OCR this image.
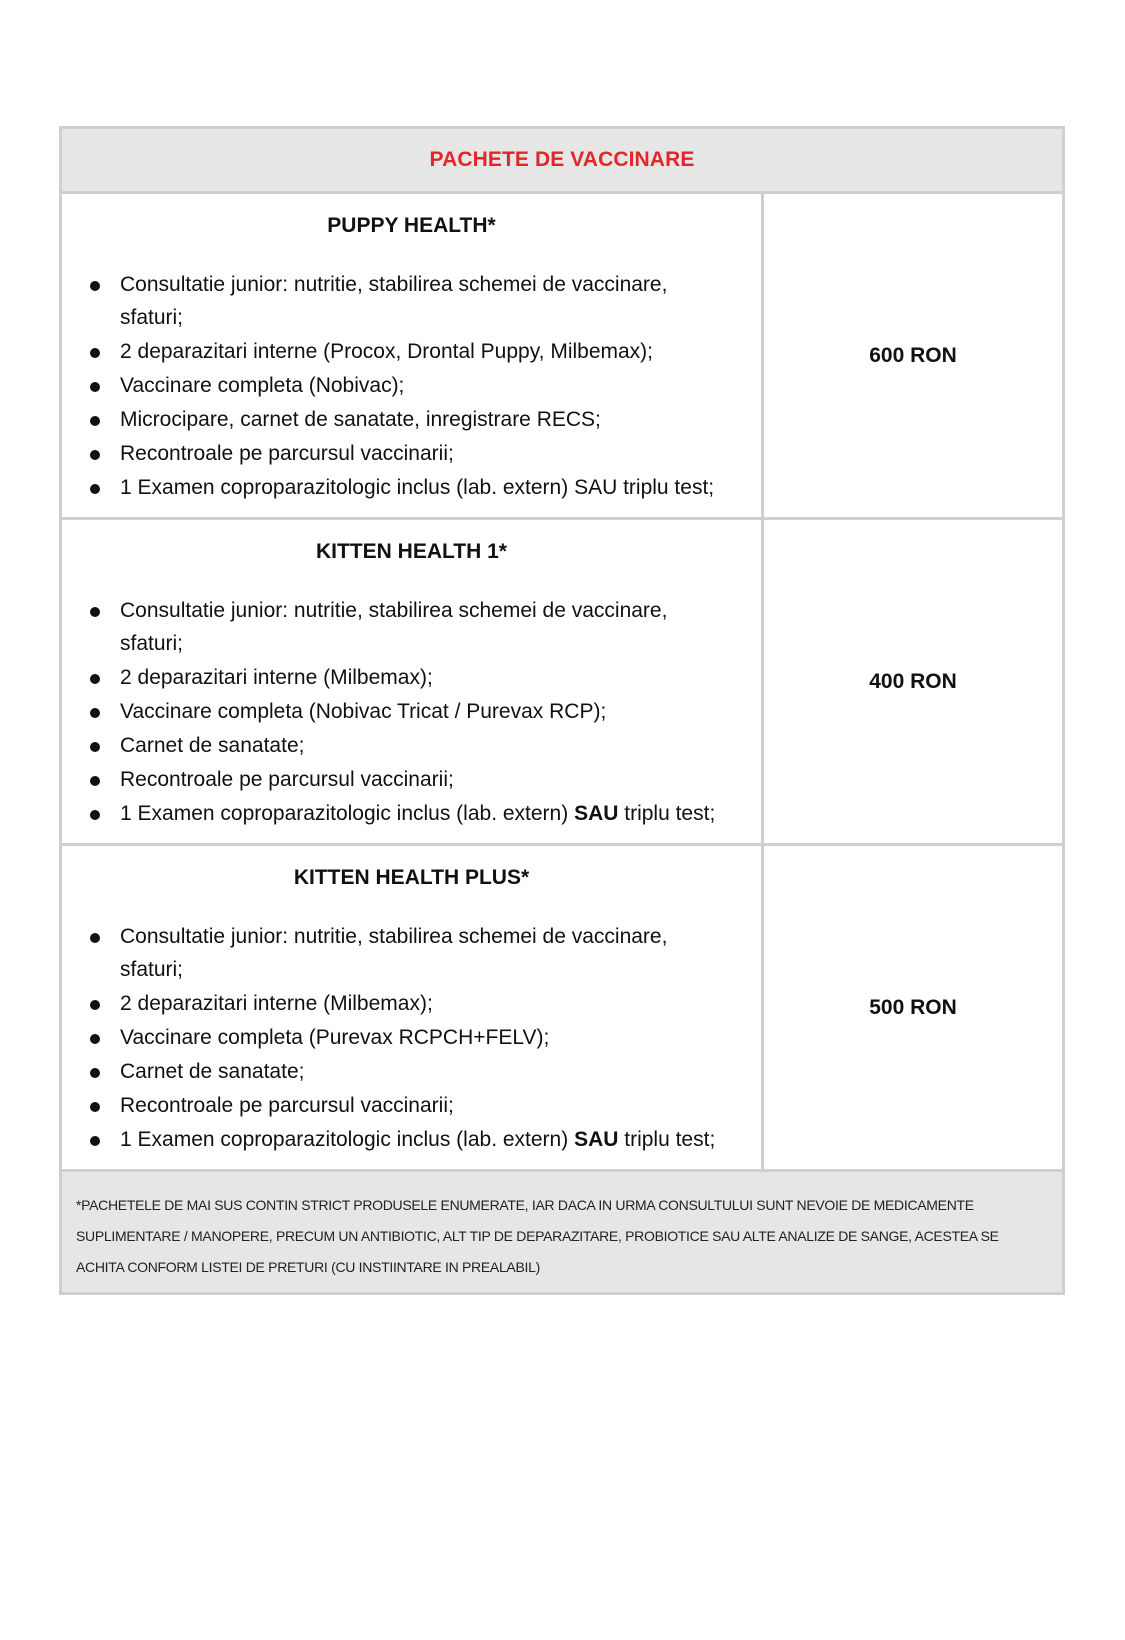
PACHETE DE VACCINARE
PUPPY HEALTH*
Consultatie junior: nutritie, stabilirea schemei de vaccinare, sfaturi;
2 deparazitari interne (Procox, Drontal Puppy, Milbemax);
Vaccinare completa (Nobivac);
Microcipare, carnet de sanatate, inregistrare RECS;
Recontroale pe parcursul vaccinarii;
1 Examen coproparazitologic inclus (lab. extern) SAU triplu test;
600 RON
KITTEN HEALTH 1*
Consultatie junior: nutritie, stabilirea schemei de vaccinare, sfaturi;
2 deparazitari interne (Milbemax);
Vaccinare completa (Nobivac Tricat / Purevax RCP);
Carnet de sanatate;
Recontroale pe parcursul vaccinarii;
1 Examen coproparazitologic inclus (lab. extern) SAU triplu test;
400 RON
KITTEN HEALTH PLUS*
Consultatie junior: nutritie, stabilirea schemei de vaccinare, sfaturi;
2 deparazitari interne (Milbemax);
Vaccinare completa (Purevax RCPCH+FELV);
Carnet de sanatate;
Recontroale pe parcursul vaccinarii;
1 Examen coproparazitologic inclus (lab. extern) SAU triplu test;
500 RON

*PACHETELE DE MAI SUS CONTIN STRICT PRODUSELE ENUMERATE, IAR DACA IN URMA CONSULTULUI SUNT NEVOIE DE MEDICAMENTE SUPLIMENTARE / MANOPERE, PRECUM UN ANTIBIOTIC, ALT TIP DE DEPARAZITARE, PROBIOTICE SAU ALTE ANALIZE DE SANGE, ACESTEA SE ACHITA CONFORM LISTEI DE PRETURI (CU INSTIINTARE IN PREALABIL)
